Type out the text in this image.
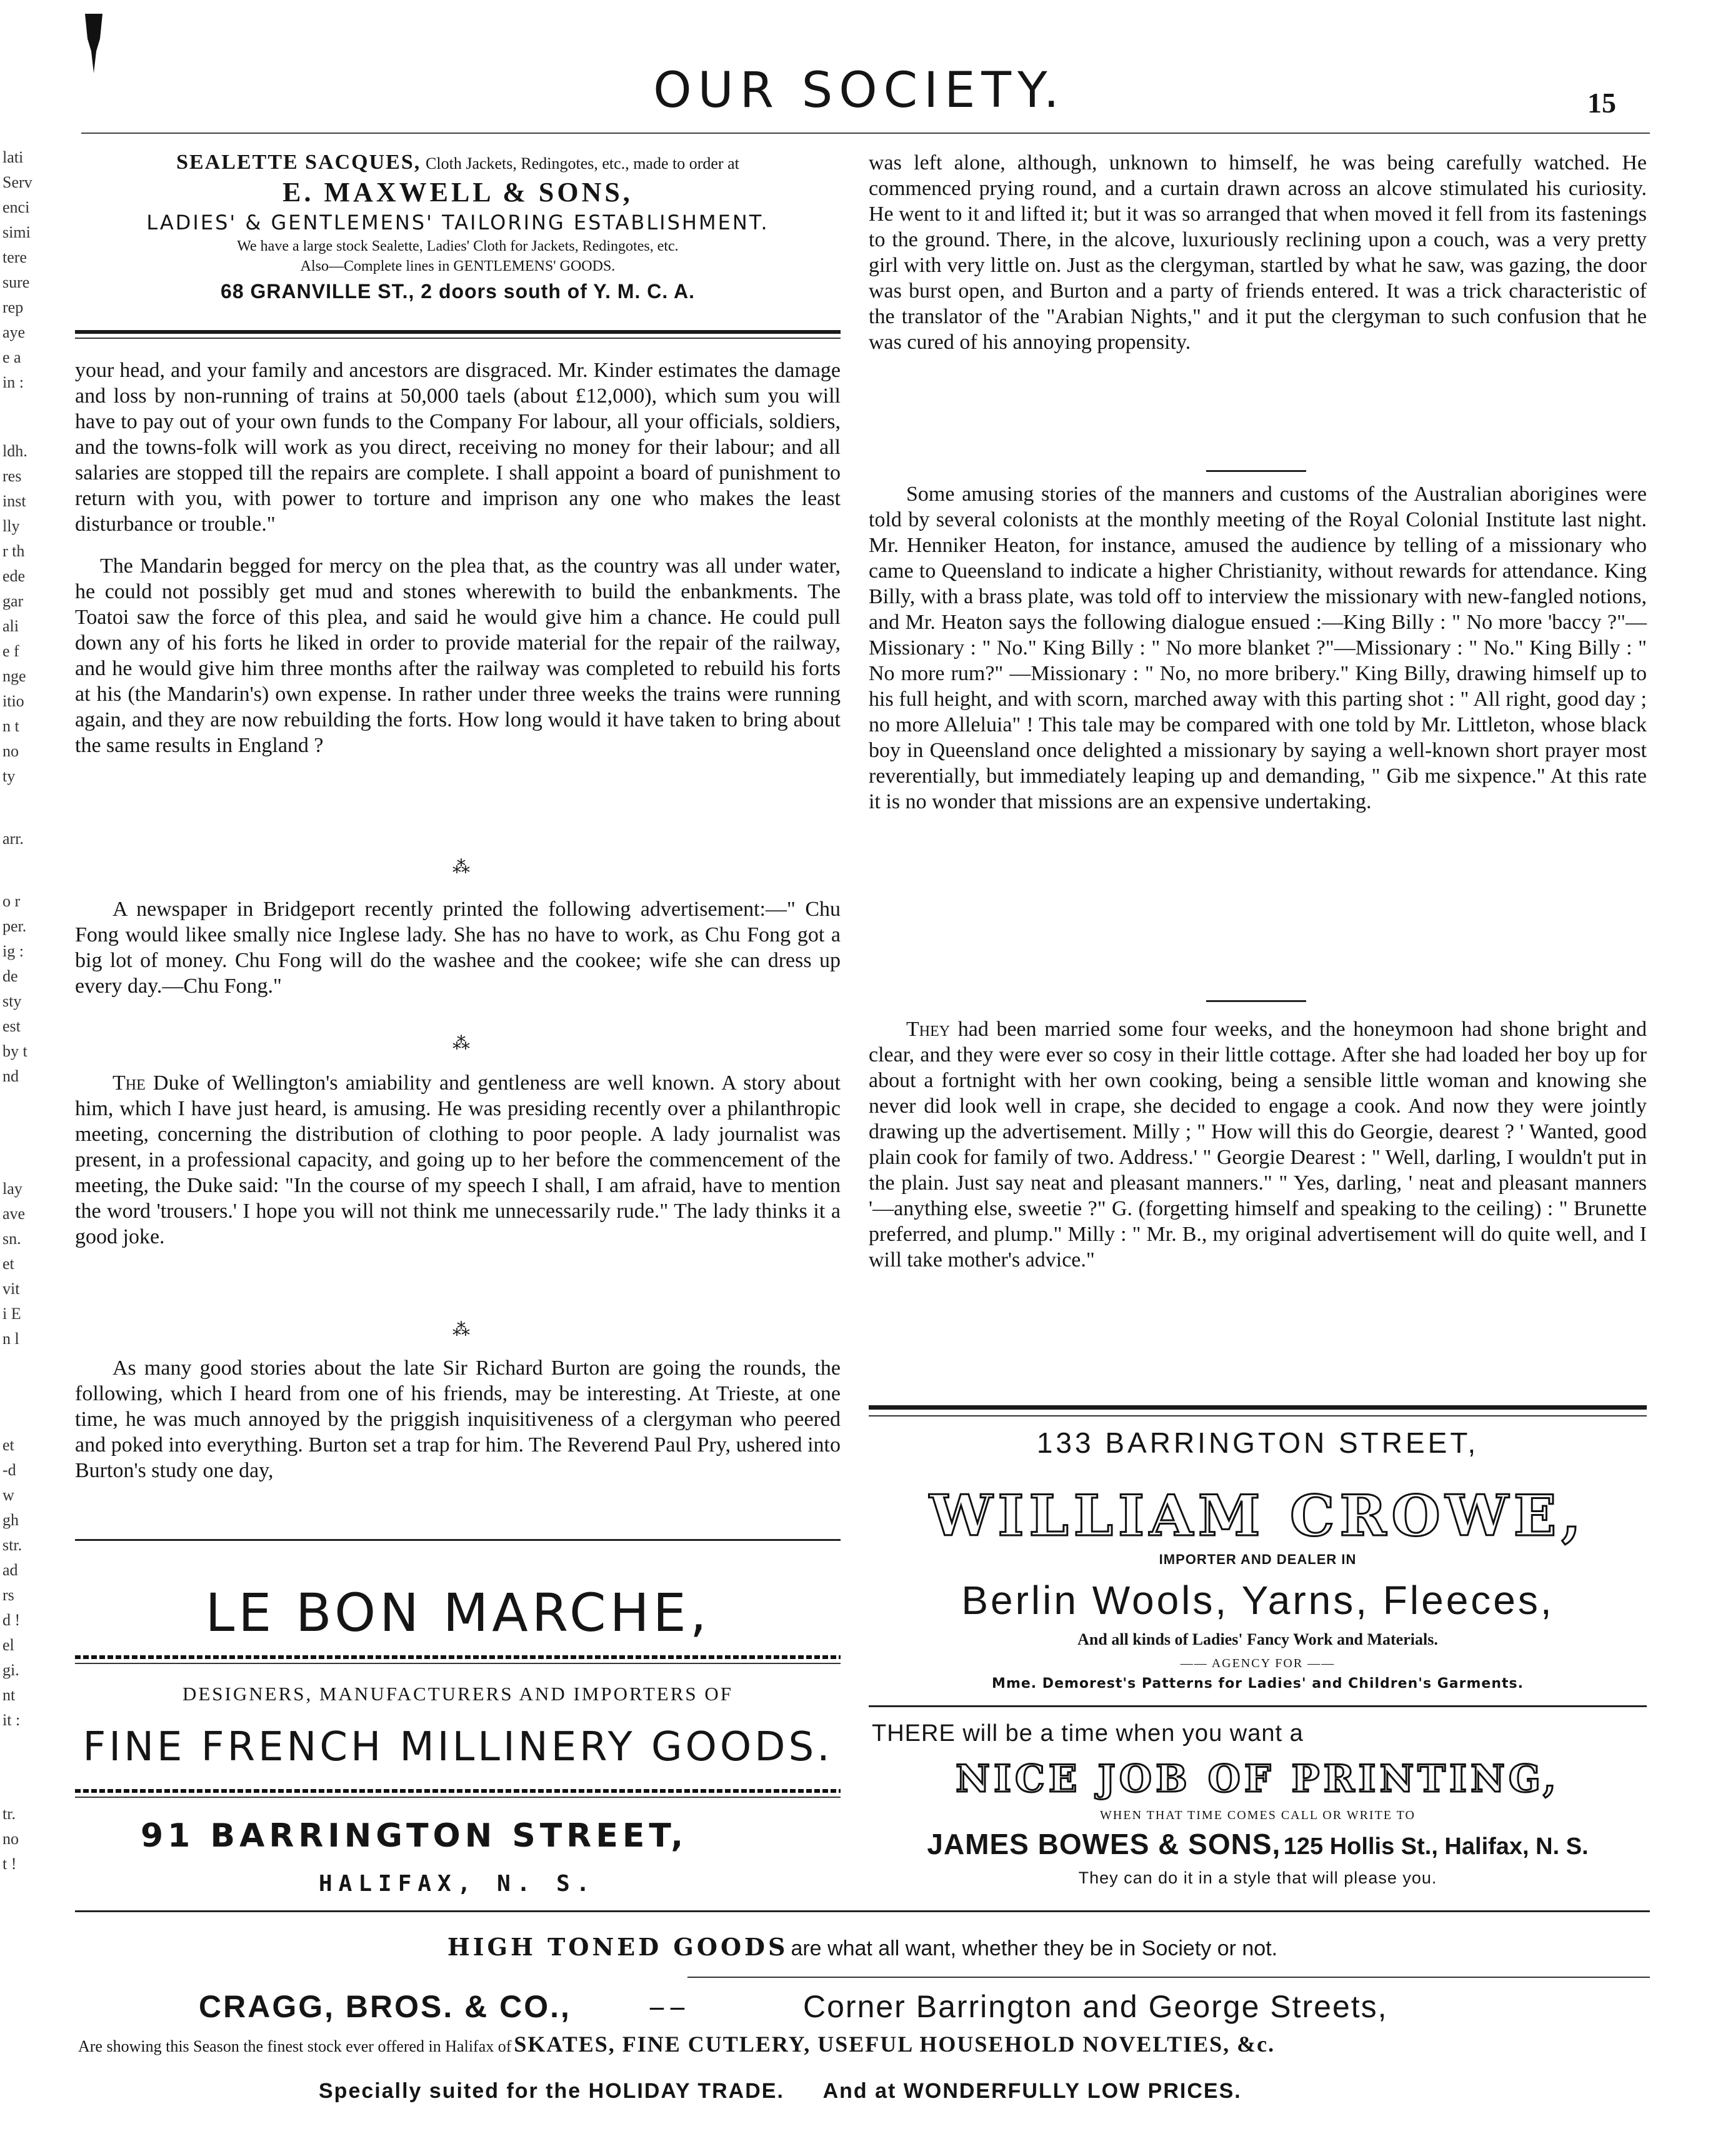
OUR SOCIETY.	15
lati
Serv
enci
simi
tere
sure
rep
aye
e a
in :
ldh.
res
inst
lly
r th
ede
gar
ali
e f
nge
itio
n t
no
ty
arr.
o r
per.
ig :
de
sty
est
by t
nd
lay
ave
sn.
et
vit
i E
n l
et
-d
w
gh
str.
ad
rs
d !
el
gi.
nt
it :
tr.
no
t !
SEALETTE SACQUES, Cloth Jackets, Redingotes, etc., made to order at
E. MAXWELL & SONS,
LADIES' & GENTLEMENS' TAILORING ESTABLISHMENT.
We have a large stock Sealette, Ladies' Cloth for Jackets, Redingotes, etc.
Also—Complete lines in GENTLEMENS' GOODS.
68 GRANVILLE ST., 2 doors south of Y. M. C. A.

your head, and your family and ancestors are disgraced. Mr. Kinder estimates the damage and loss by non-running of trains at 50,000 taels (about £12,000), which sum you will have to pay out of your own funds to the Company For labour, all your officials, soldiers, and the towns-folk will work as you direct, receiving no money for their labour; and all salaries are stopped till the repairs are complete. I shall appoint a board of punishment to return with you, with power to torture and imprison any one who makes the least disturbance or trouble."

The Mandarin begged for mercy on the plea that, as the country was all under water, he could not possibly get mud and stones wherewith to build the enbankments. The Toatoi saw the force of this plea, and said he would give him a chance. He could pull down any of his forts he liked in order to provide material for the repair of the railway, and he would give him three months after the railway was completed to rebuild his forts at his (the Mandarin's) own expense. In rather under three weeks the trains were running again, and they are now rebuilding the forts. How long would it have taken to bring about the same results in England ?

⁂

A newspaper in Bridgeport recently printed the following advertisement:—" Chu Fong would likee smally nice Inglese lady. She has no have to work, as Chu Fong got a big lot of money. Chu Fong will do the washee and the cookee; wife she can dress up every day.—Chu Fong."

⁂

The Duke of Wellington's amiability and gentleness are well known. A story about him, which I have just heard, is amusing. He was presiding recently over a philanthropic meeting, concerning the distribution of clothing to poor people. A lady journalist was present, in a professional capacity, and going up to her before the commencement of the meeting, the Duke said: "In the course of my speech I shall, I am afraid, have to mention the word 'trousers.' I hope you will not think me unnecessarily rude." The lady thinks it a good joke.

⁂

As many good stories about the late Sir Richard Burton are going the rounds, the following, which I heard from one of his friends, may be interesting. At Trieste, at one time, he was much annoyed by the priggish inquisitiveness of a clergyman who peered and poked into everything. Burton set a trap for him. The Reverend Paul Pry, ushered into Burton's study one day,

was left alone, although, unknown to himself, he was being carefully watched. He commenced prying round, and a curtain drawn across an alcove stimulated his curiosity. He went to it and lifted it; but it was so arranged that when moved it fell from its fastenings to the ground. There, in the alcove, luxuriously reclining upon a couch, was a very pretty girl with very little on. Just as the clergyman, startled by what he saw, was gazing, the door was burst open, and Burton and a party of friends entered. It was a trick characteristic of the translator of the "Arabian Nights," and it put the clergyman to such confusion that he was cured of his annoying propensity.

Some amusing stories of the manners and customs of the Australian aborigines were told by several colonists at the monthly meeting of the Royal Colonial Institute last night. Mr. Henniker Heaton, for instance, amused the audience by telling of a missionary who came to Queensland to indicate a higher Christianity, without rewards for attendance. King Billy, with a brass plate, was told off to interview the missionary with new-fangled notions, and Mr. Heaton says the following dialogue ensued :—King Billy : " No more 'baccy ?"—Missionary : " No." King Billy : " No more blanket ?"—Missionary : " No." King Billy : " No more rum?" —Missionary : " No, no more bribery." King Billy, drawing himself up to his full height, and with scorn, marched away with this parting shot : " All right, good day ; no more Alleluia" ! This tale may be compared with one told by Mr. Littleton, whose black boy in Queensland once delighted a missionary by saying a well-known short prayer most reverentially, but immediately leaping up and demanding, " Gib me sixpence." At this rate it is no wonder that missions are an expensive undertaking.

They had been married some four weeks, and the honeymoon had shone bright and clear, and they were ever so cosy in their little cottage. After she had loaded her boy up for about a fortnight with her own cooking, being a sensible little woman and knowing she never did look well in crape, she decided to engage a cook. And now they were jointly drawing up the advertisement. Milly ; " How will this do Georgie, dearest ? ' Wanted, good plain cook for family of two. Address.' " Georgie Dearest : " Well, darling, I wouldn't put in the plain. Just say neat and pleasant manners." " Yes, darling, ' neat and pleasant manners '—anything else, sweetie ?" G. (forgetting himself and speaking to the ceiling) : " Brunette preferred, and plump." Milly : " Mr. B., my original advertisement will do quite well, and I will take mother's advice."

LE BON MARCHE,
DESIGNERS, MANUFACTURERS AND IMPORTERS OF
FINE FRENCH MILLINERY GOODS.
91 BARRINGTON STREET,
HALIFAX, N. S.
133 BARRINGTON STREET,
WILLIAM CROWE,
IMPORTER AND DEALER IN
Berlin Wools, Yarns, Fleeces,
And all kinds of Ladies' Fancy Work and Materials.
—— AGENCY FOR ——
Mme. Demorest's Patterns for Ladies' and Children's Garments.
THERE will be a time when you want a
NICE JOB OF PRINTING,
WHEN THAT TIME COMES CALL OR WRITE TO
JAMES BOWES & SONS, 125 Hollis St., Halifax, N. S.
They can do it in a style that will please you.
HIGH TONED GOODS are what all want, whether they be in Society or not.
CRAGG, BROS. & CO.,	– –	Corner Barrington and George Streets,
Are showing this Season the finest stock ever offered in Halifax of SKATES, FINE CUTLERY, USEFUL HOUSEHOLD NOVELTIES, &c.
Specially suited for the HOLIDAY TRADE. And at WONDERFULLY LOW PRICES.
